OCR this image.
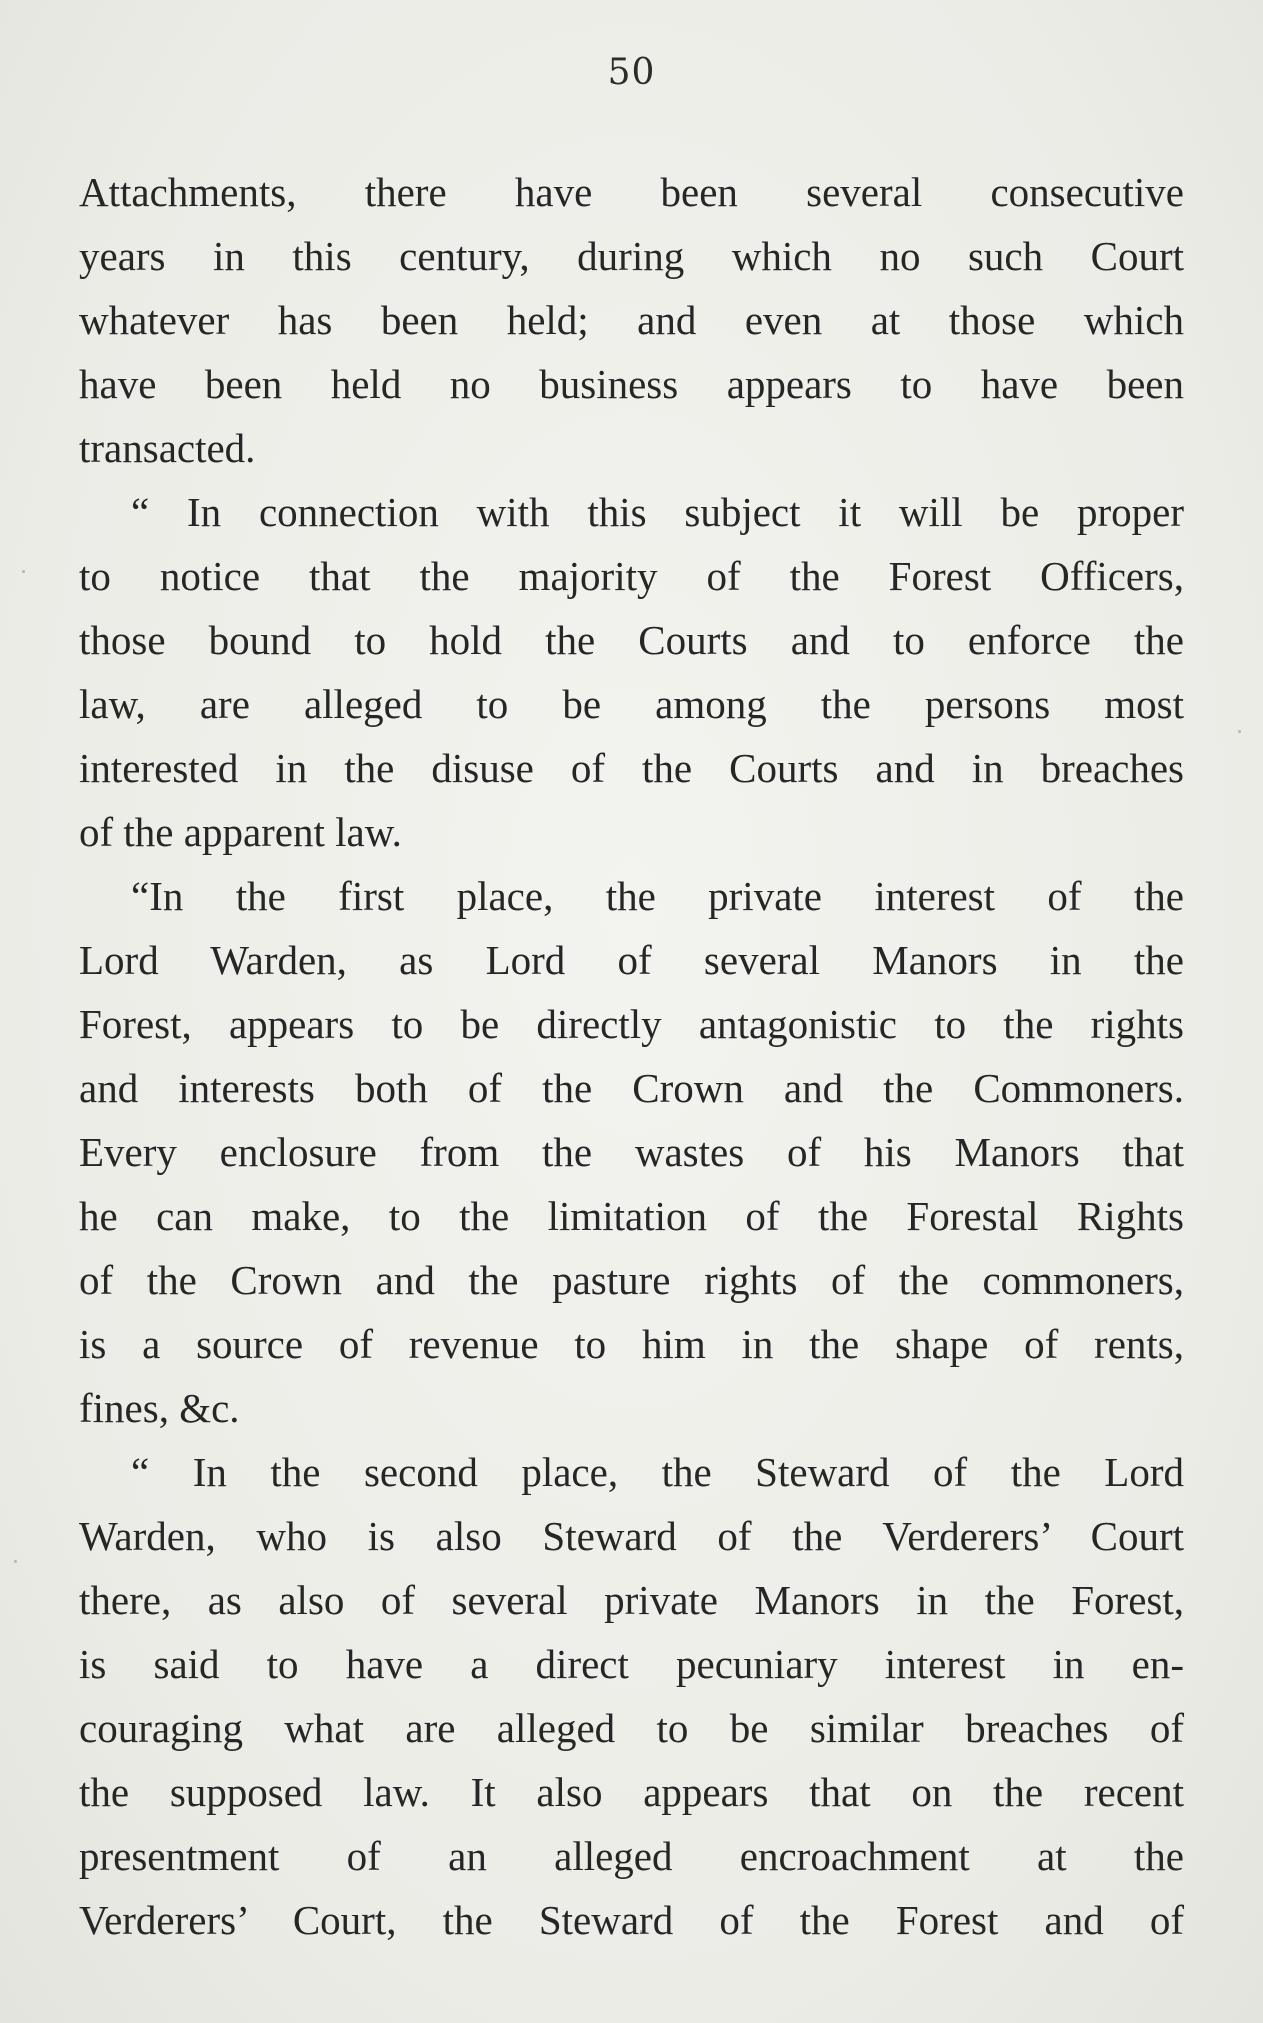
50
Attachments, there have been several consecutive
years in this century, during which no such Court
whatever has been held; and even at those which
have been held no business appears to have been
transacted.
“ In connection with this subject it will be proper
to notice that the majority of the Forest Officers,
those bound to hold the Courts and to enforce the
law, are alleged to be among the persons most
interested in the disuse of the Courts and in breaches
of the apparent law.
“In the first place, the private interest of the
Lord Warden, as Lord of several Manors in the
Forest, appears to be directly antagonistic to the rights
and interests both of the Crown and the Commoners.
Every enclosure from the wastes of his Manors that
he can make, to the limitation of the Forestal Rights
of the Crown and the pasture rights of the commoners,
is a source of revenue to him in the shape of rents,
fines, &c.
“ In the second place, the Steward of the Lord
Warden, who is also Steward of the Verderers’ Court
there, as also of several private Manors in the Forest,
is said to have a direct pecuniary interest in en-
couraging what are alleged to be similar breaches of
the supposed law. It also appears that on the recent
presentment of an alleged encroachment at the
Verderers’ Court, the Steward of the Forest and of
